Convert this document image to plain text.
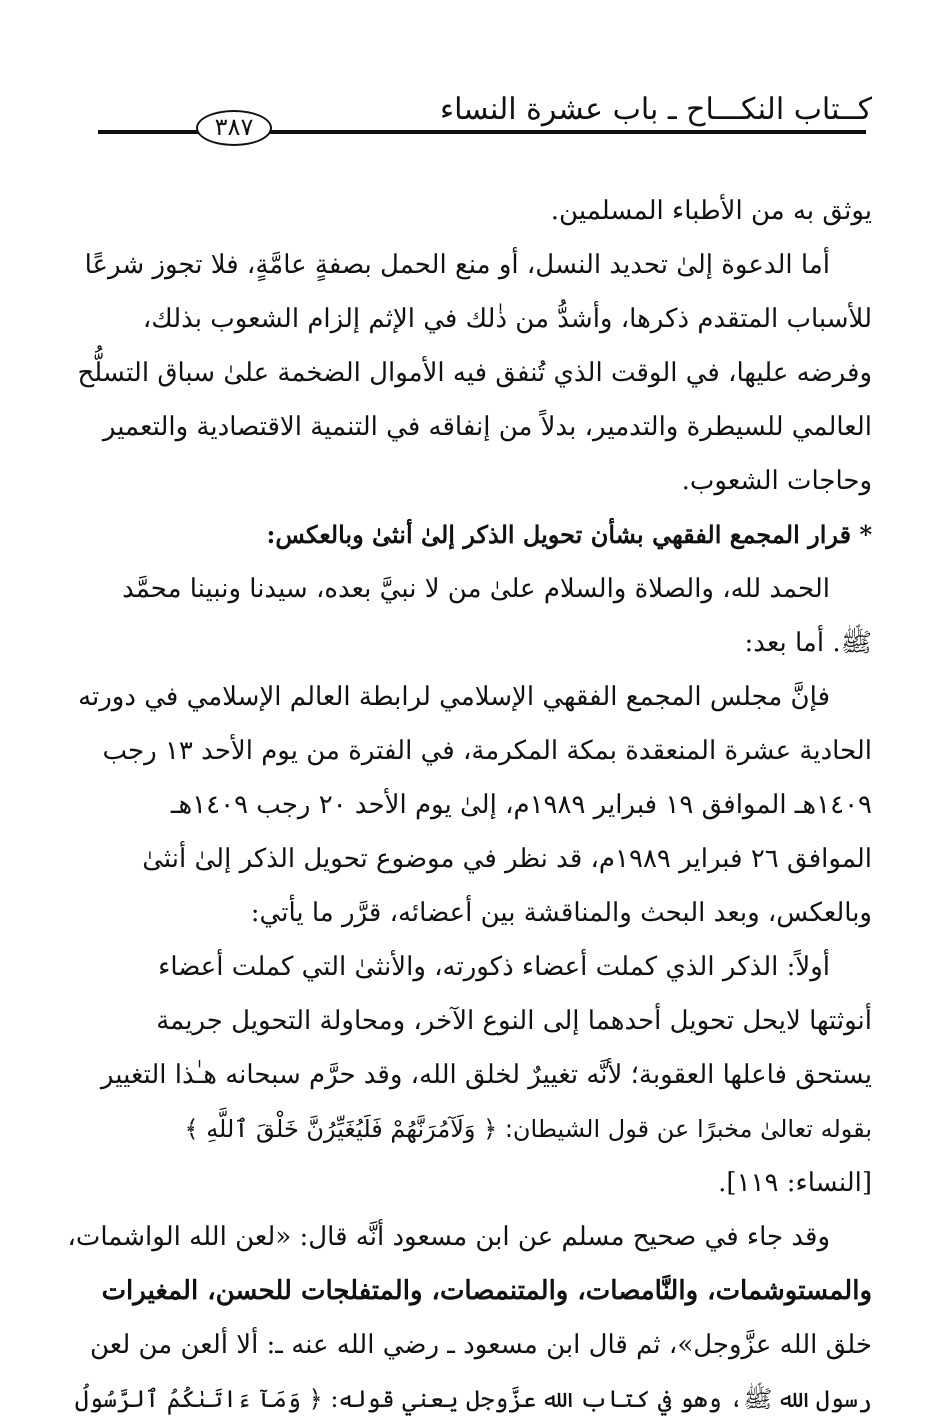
كــتاب النكـــاح ـ باب عشرة النساء
٣٨٧
يوثق به من الأطباء المسلمين.
أما الدعوة إلىٰ تحديد النسل، أو منع الحمل بصفةٍ عامَّةٍ، فلا تجوز شرعًا
للأسباب المتقدم ذكرها، وأشدُّ من ذٰلك في الإثم إلزام الشعوب بذلك،
وفرضه عليها، في الوقت الذي تُنفق فيه الأموال الضخمة علىٰ سباق التسلُّح
العالمي للسيطرة والتدمير، بدلاً من إنفاقه في التنمية الاقتصادية والتعمير
وحاجات الشعوب.
* قرار المجمع الفقهي بشأن تحويل الذكر إلىٰ أنثىٰ وبالعكس:
الحمد لله، والصلاة والسلام علىٰ من لا نبيَّ بعده، سيدنا ونبينا محمَّد
ﷺ. أما بعد:
فإنَّ مجلس المجمع الفقهي الإسلامي لرابطة العالم الإسلامي في دورته
الحادية عشرة المنعقدة بمكة المكرمة، في الفترة من يوم الأحد ١٣ رجب
١٤٠٩هـ الموافق ١٩ فبراير ١٩٨٩م، إلىٰ يوم الأحد ٢٠ رجب ١٤٠٩هـ
الموافق ٢٦ فبراير ١٩٨٩م، قد نظر في موضوع تحويل الذكر إلىٰ أنثىٰ
وبالعكس، وبعد البحث والمناقشة بين أعضائه، قرَّر ما يأتي:
أولاً: الذكر الذي كملت أعضاء ذكورته، والأنثىٰ التي كملت أعضاء
أنوثتها لايحل تحويل أحدهما إلى النوع الآخر، ومحاولة التحويل جريمة
يستحق فاعلها العقوبة؛ لأنَّه تغييرٌ لخلق الله، وقد حرَّم سبحانه هـٰذا التغيير
بقوله تعالىٰ مخبرًا عن قول الشيطان: ﴿ وَلَآمُرَنَّهُمْ فَلَيُغَيِّرُنَّ خَلْقَ ٱللَّهِ ﴾
[النساء: ١١٩].
وقد جاء في صحيح مسلم عن ابن مسعود أنَّه قال: «لعن الله الواشمات،
والمستوشمات، والنَّامصات، والمتنمصات، والمتفلجات للحسن، المغيرات
خلق الله عزَّوجل»، ثم قال ابن مسعود ـ رضي الله عنه ـ: ألا ألعن من لعن
رسول الله ﷺ، وهو في كتاب الله عزَّوجل يعني قوله: ﴿ وَمَآ ءَاتَىٰكُمُ ٱلرَّسُولُ
